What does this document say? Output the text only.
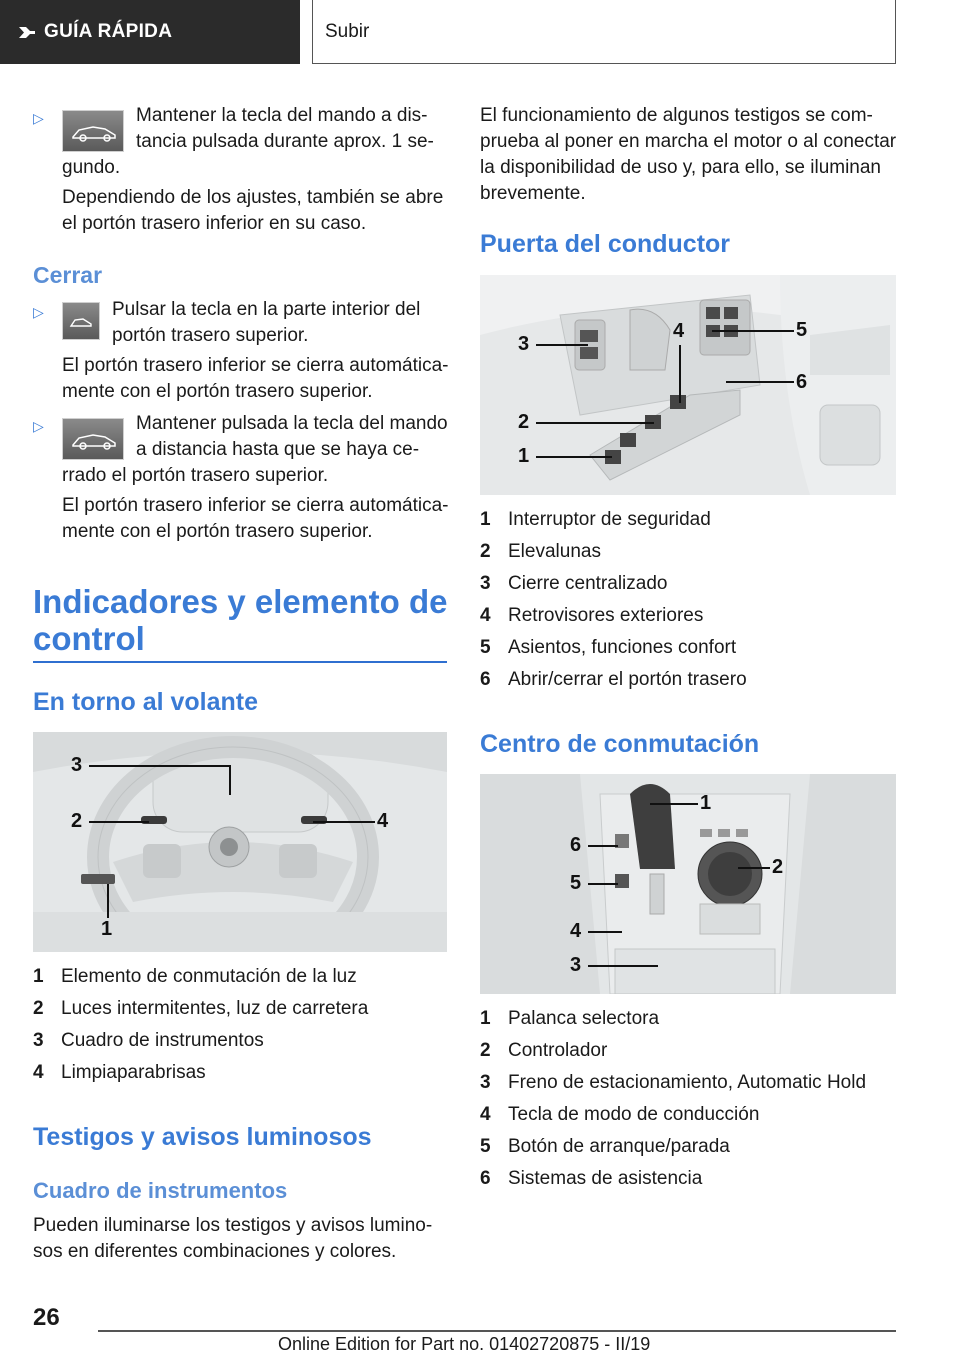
GUÍA RÁPIDA	Subir
▷	Mantener la tecla del mando a dis-
tancia pulsada durante aprox. 1 se-
gundo.
Dependiendo de los ajustes, también se abre
el portón trasero inferior en su caso.
Cerrar
▷	Pulsar la tecla en la parte interior del
portón trasero superior.
El portón trasero inferior se cierra automática-
mente con el portón trasero superior.
▷	Mantener pulsada la tecla del mando
a distancia hasta que se haya ce-
rrado el portón trasero superior.
El portón trasero inferior se cierra automática-
mente con el portón trasero superior.
Indicadores y elemento de
control
En torno al volante
3
2	4
1
1 Elemento de conmutación de la luz
2 Luces intermitentes, luz de carretera
3 Cuadro de instrumentos
4 Limpiaparabrisas
Testigos y avisos luminosos
Cuadro de instrumentos
Pueden iluminarse los testigos y avisos lumino-
sos en diferentes combinaciones y colores.
El funcionamiento de algunos testigos se com-
prueba al poner en marcha el motor o al conectar
la disponibilidad de uso y, para ello, se iluminan
brevemente.
Puerta del conductor
3
4	5
6
2
1
1 Interruptor de seguridad
2 Elevalunas
3 Cierre centralizado
4 Retrovisores exteriores
5 Asientos, funciones confort
6 Abrir/cerrar el portón trasero
Centro de conmutación
1
6
2
5
4
3
1 Palanca selectora
2 Controlador
3 Freno de estacionamiento, Automatic Hold
4 Tecla de modo de conducción
5 Botón de arranque/parada
6 Sistemas de asistencia
26
Online Edition for Part no. 01402720875 - II/19
